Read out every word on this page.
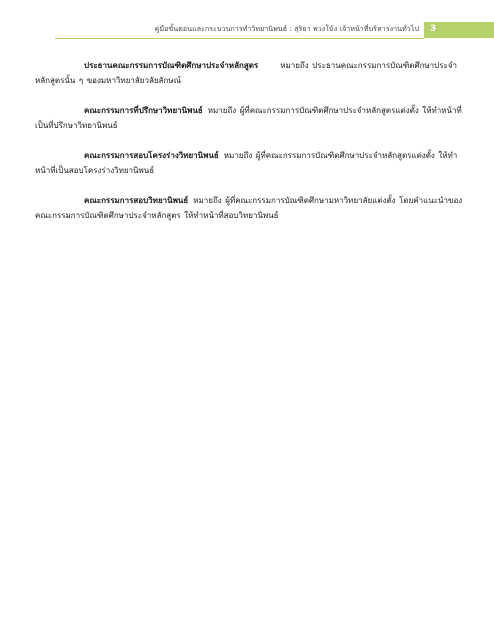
คู่มือขั้นตอนและกระบวนการทำวิทยานิพนธ์ : สุริยา พวงโบ้ง เจ้าหน้าที่บริหารงานทั่วไป 3

ประธานคณะกรรมการบัณฑิตศึกษาประจำหลักสูตร	หมายถึง ประธานคณะกรรมการบัณฑิตศึกษาประจำหลักสูตรนั้น ๆ ของมหาวิทยาลัยวลัยลักษณ์

คณะกรรมการที่ปรึกษาวิทยานิพนธ์ หมายถึง ผู้ที่คณะกรรมการบัณฑิตศึกษาประจำหลักสูตรแต่งตั้ง ให้ทำหน้าที่เป็นที่ปรึกษาวิทยานิพนธ์

คณะกรรมการสอบโครงร่างวิทยานิพนธ์ หมายถึง ผู้ที่คณะกรรมการบัณฑิตศึกษาประจำหลักสูตรแต่งตั้ง ให้ทำหน้าที่เป็นสอบโครงร่างวิทยานิพนธ์

คณะกรรมการสอบวิทยานิพนธ์ หมายถึง ผู้ที่คณะกรรมการบัณฑิตศึกษามหาวิทยาลัยแต่งตั้ง โดยคำแนะนำของคณะกรรมการบัณฑิตศึกษาประจำหลักสูตร ให้ทำหน้าที่สอบวิทยานิพนธ์
